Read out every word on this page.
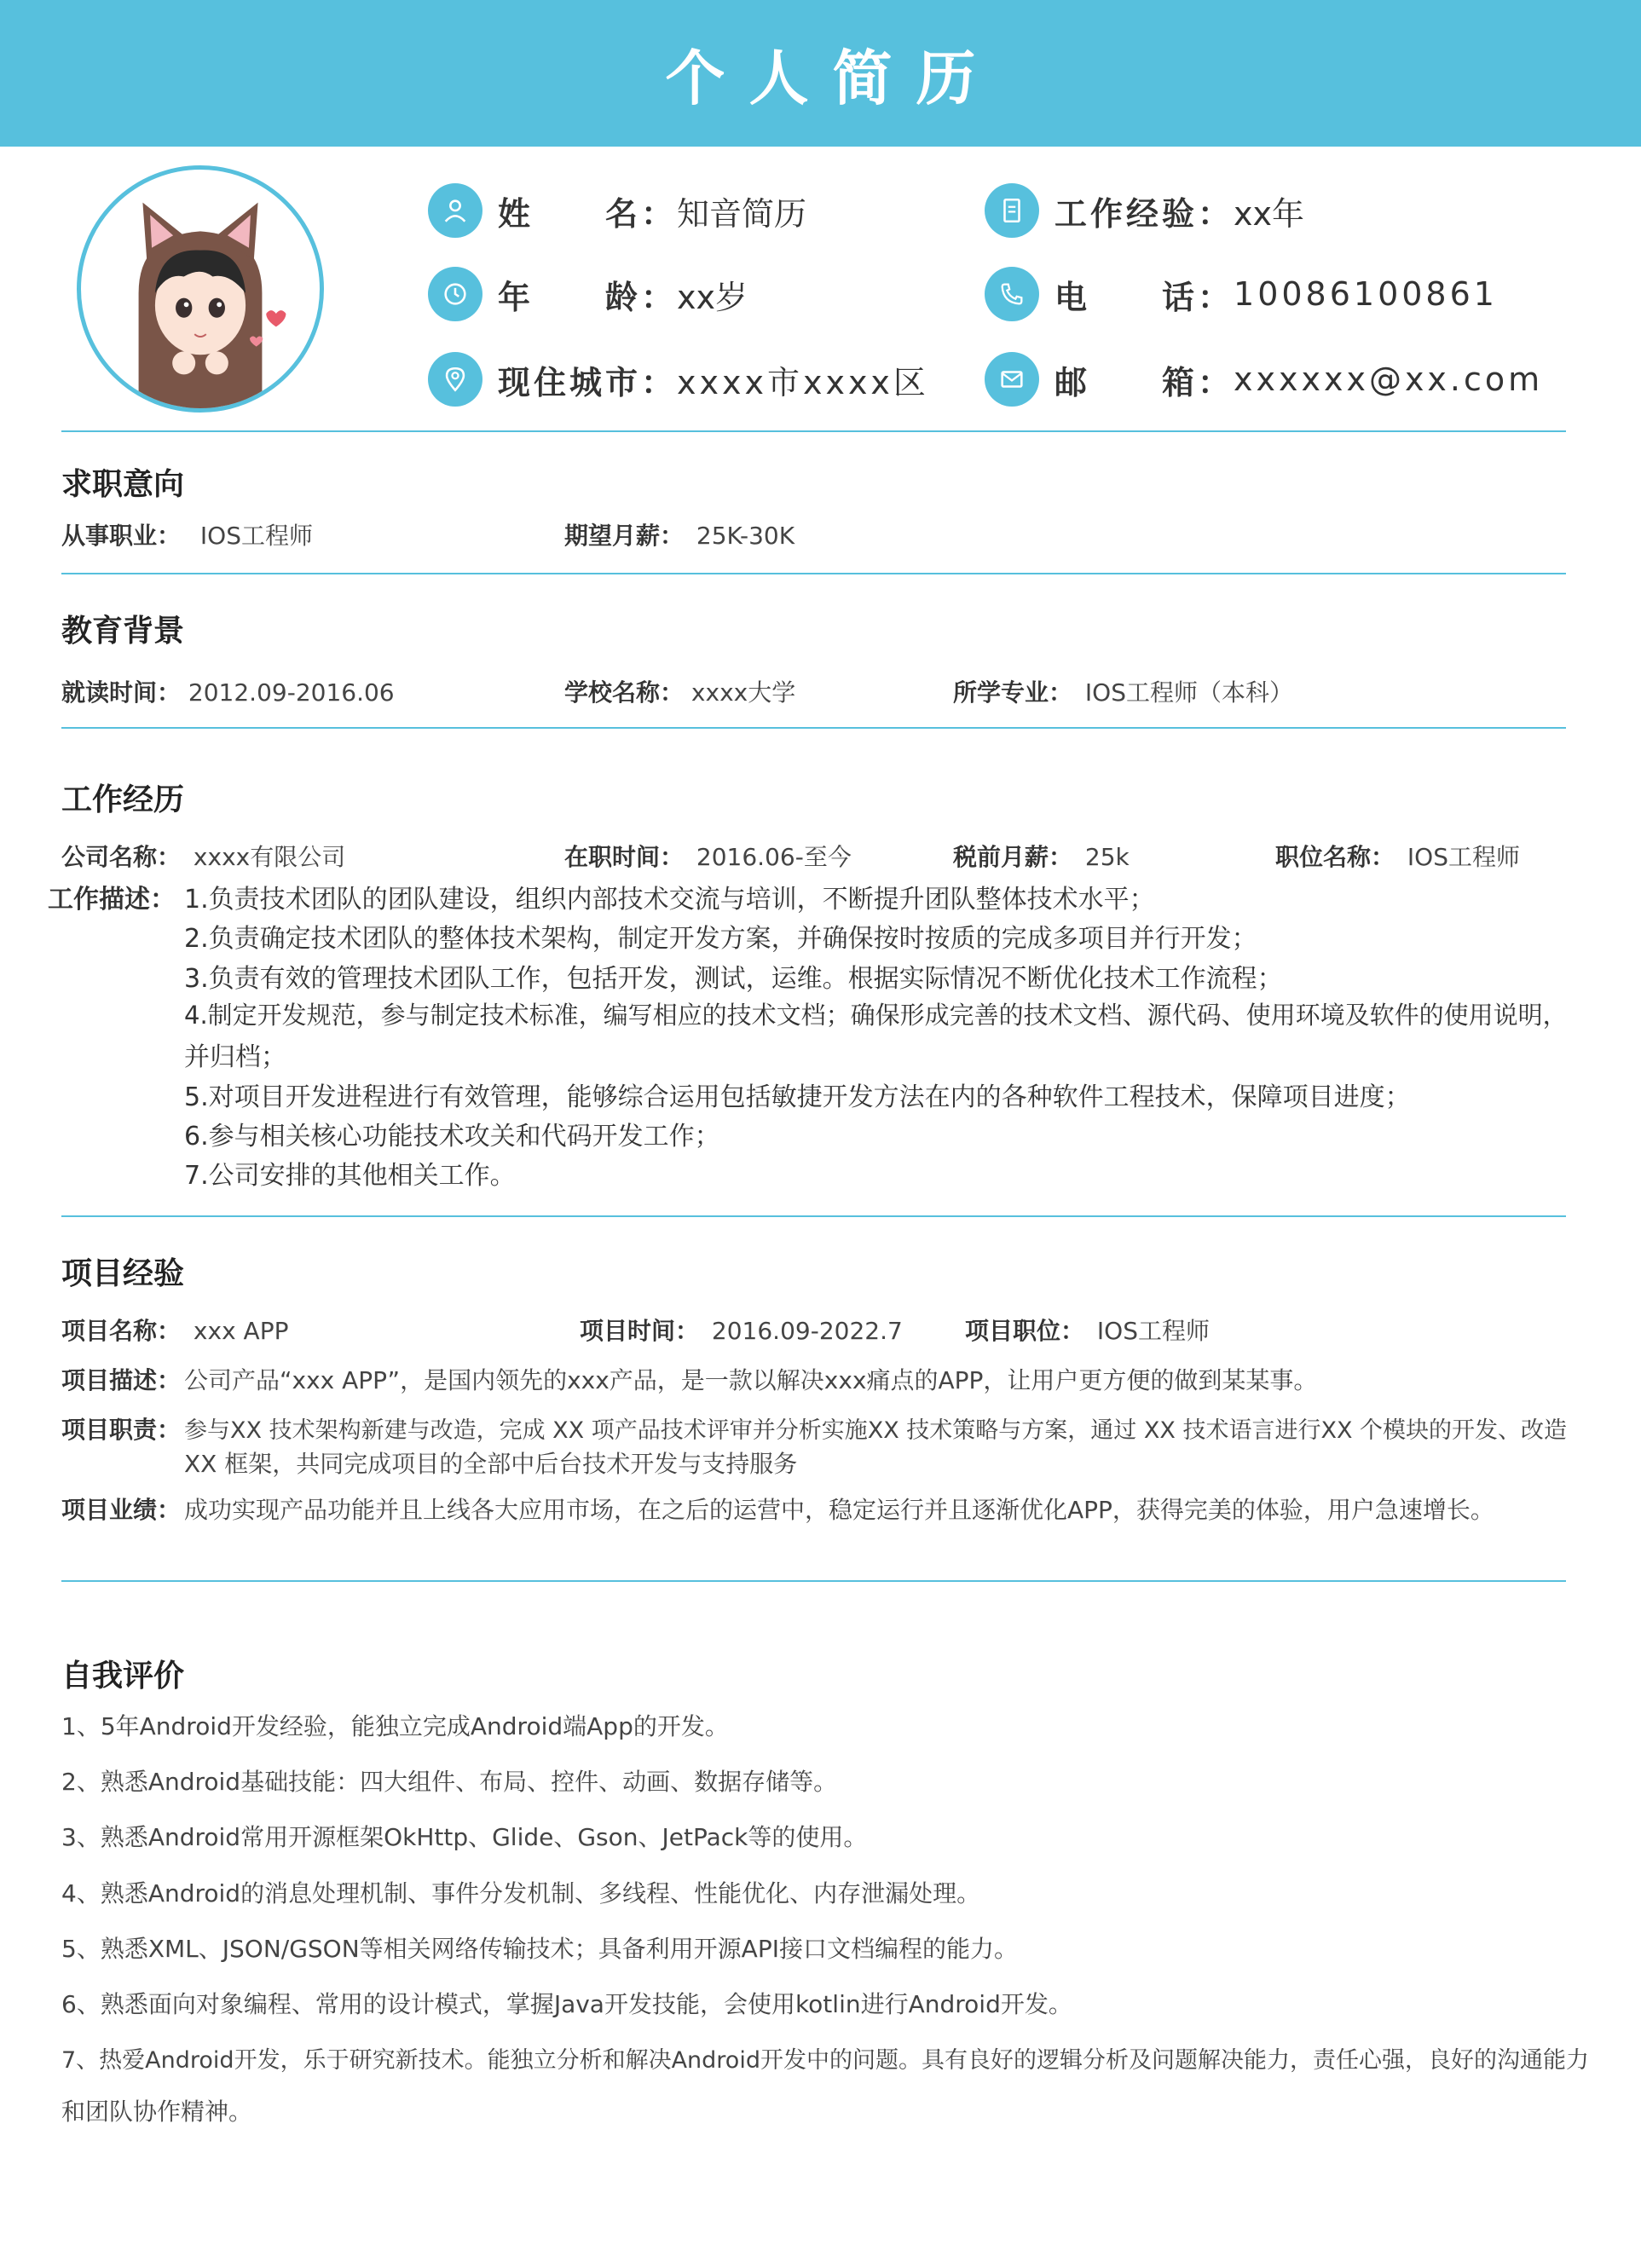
个人简历
姓　　名： 知音简历	工作经验： xx年
年　　龄： xx岁	电　　话： 10086100861
现住城市： xxxx市xxxx区	邮　　箱： xxxxxx@xx.com
求职意向
从事职业： IOS工程师	期望月薪： 25K-30K
教育背景
就读时间： 2012.09-2016.06	学校名称： xxxx大学	所学专业： IOS工程师（本科）
工作经历
公司名称： xxxx有限公司	在职时间： 2016.06-至今	税前月薪： 25k	职位名称： IOS工程师
工作描述： 1.负责技术团队的团队建设，组织内部技术交流与培训，不断提升团队整体技术水平；
2.负责确定技术团队的整体技术架构，制定开发方案，并确保按时按质的完成多项目并行开发；
3.负责有效的管理技术团队工作，包括开发，测试，运维。根据实际情况不断优化技术工作流程；
4.制定开发规范，参与制定技术标准，编写相应的技术文档；确保形成完善的技术文档、源代码、使用环境及软件的使用说明，
并归档；
5.对项目开发进程进行有效管理，能够综合运用包括敏捷开发方法在内的各种软件工程技术，保障项目进度；
6.参与相关核心功能技术攻关和代码开发工作；
7.公司安排的其他相关工作。
项目经验
项目名称： xxx APP	项目时间： 2016.09-2022.7	项目职位： IOS工程师
项目描述： 公司产品“xxx APP”，是国内领先的xxx产品，是一款以解决xxx痛点的APP，让用户更方便的做到某某事。
项目职责： 参与XX 技术架构新建与改造，完成 XX 项产品技术评审并分析实施XX 技术策略与方案，通过 XX 技术语言进行XX 个模块的开发、改造
XX 框架，共同完成项目的全部中后台技术开发与支持服务
项目业绩： 成功实现产品功能并且上线各大应用市场，在之后的运营中，稳定运行并且逐渐优化APP，获得完美的体验，用户急速增长。
自我评价
1、5年Android开发经验，能独立完成Android端App的开发。
2、熟悉Android基础技能：四大组件、布局、控件、动画、数据存储等。
3、熟悉Android常用开源框架OkHttp、Glide、Gson、JetPack等的使用。
4、熟悉Android的消息处理机制、事件分发机制、多线程、性能优化、内存泄漏处理。
5、熟悉XML、JSON/GSON等相关网络传输技术；具备利用开源API接口文档编程的能力。
6、熟悉面向对象编程、常用的设计模式，掌握Java开发技能，会使用kotlin进行Android开发。
7、热爱Android开发，乐于研究新技术。能独立分析和解决Android开发中的问题。具有良好的逻辑分析及问题解决能力，责任心强，良好的沟通能力
和团队协作精神。
